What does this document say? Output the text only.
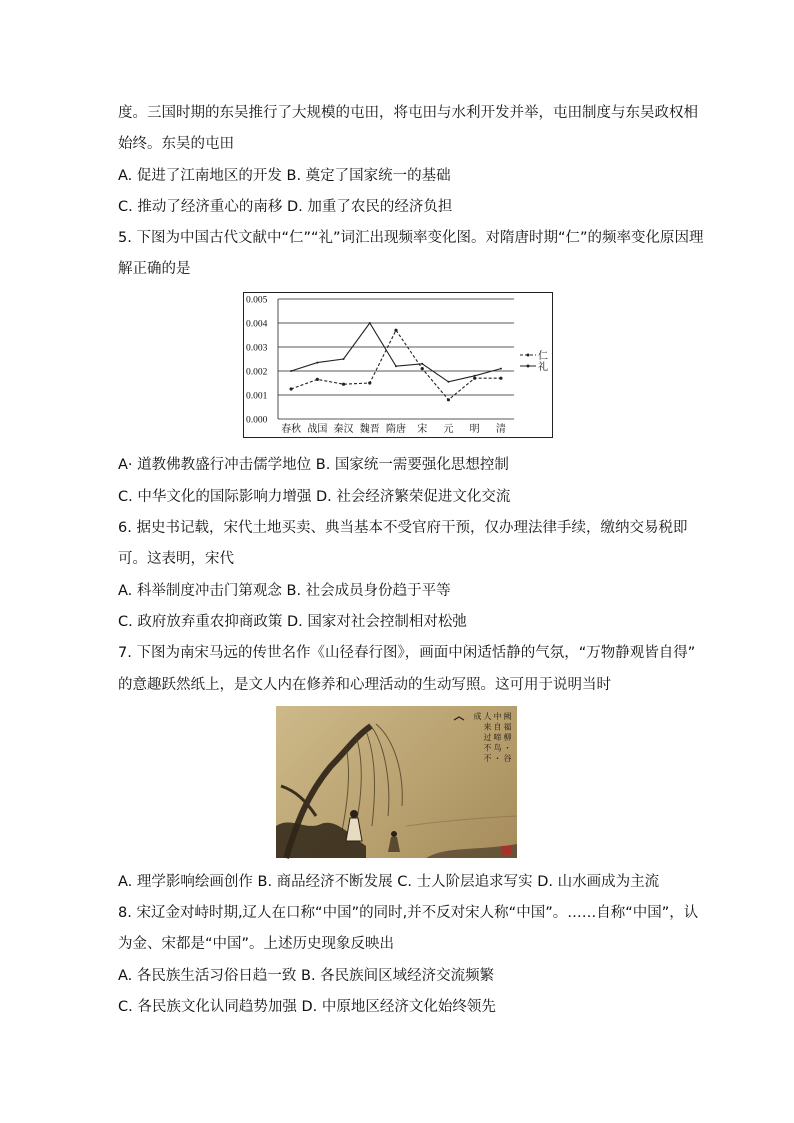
度。三国时期的东吴推行了大规模的屯田，将屯田与水利开发并举，屯田制度与东吴政权相
始终。东吴的屯田
A. 促进了江南地区的开发 B. 奠定了国家统一的基础
C. 推动了经济重心的南移 D. 加重了农民的经济负担
5. 下图为中国古代文献中“仁”“礼”词汇出现频率变化图。对隋唐时期“仁”的频率变化原因理
解正确的是
0.000
0.001
0.002
0.003
0.004
0.005
春秋 战国 秦汉 魏晋 隋唐 宋 元 明 清
仁
礼
A· 道教佛教盛行冲击儒学地位 B. 国家统一需要强化思想控制
C. 中华文化的国际影响力增强 D. 社会经济繁荣促进文化交流
6. 据史书记载，宋代土地买卖、典当基本不受官府干预，仅办理法律手续，缴纳交易税即
可。这表明，宋代
A. 科举制度冲击门第观念 B. 社会成员身份趋于平等
C. 政府放弃重农抑商政策 D. 国家对社会控制相对松弛
7. 下图为南宋马远的传世名作《山径春行图》，画面中闲适恬静的气氛，“万物静观皆自得”
的意趣跃然纸上，是文人内在修养和心理活动的生动写照。这可用于说明当时
阙 福 柳 ・ 谷 中 自 啼 鸟 ・ 人 来 过 不 不 成
A. 理学影响绘画创作 B. 商品经济不断发展 C. 士人阶层追求写实 D. 山水画成为主流
8. 宋辽金对峙时期,辽人在口称“中国”的同时,并不反对宋人称“中国”。……自称“中国”，认
为金、宋都是“中国”。上述历史现象反映出
A. 各民族生活习俗日趋一致 B. 各民族间区域经济交流频繁
C. 各民族文化认同趋势加强 D. 中原地区经济文化始终领先
